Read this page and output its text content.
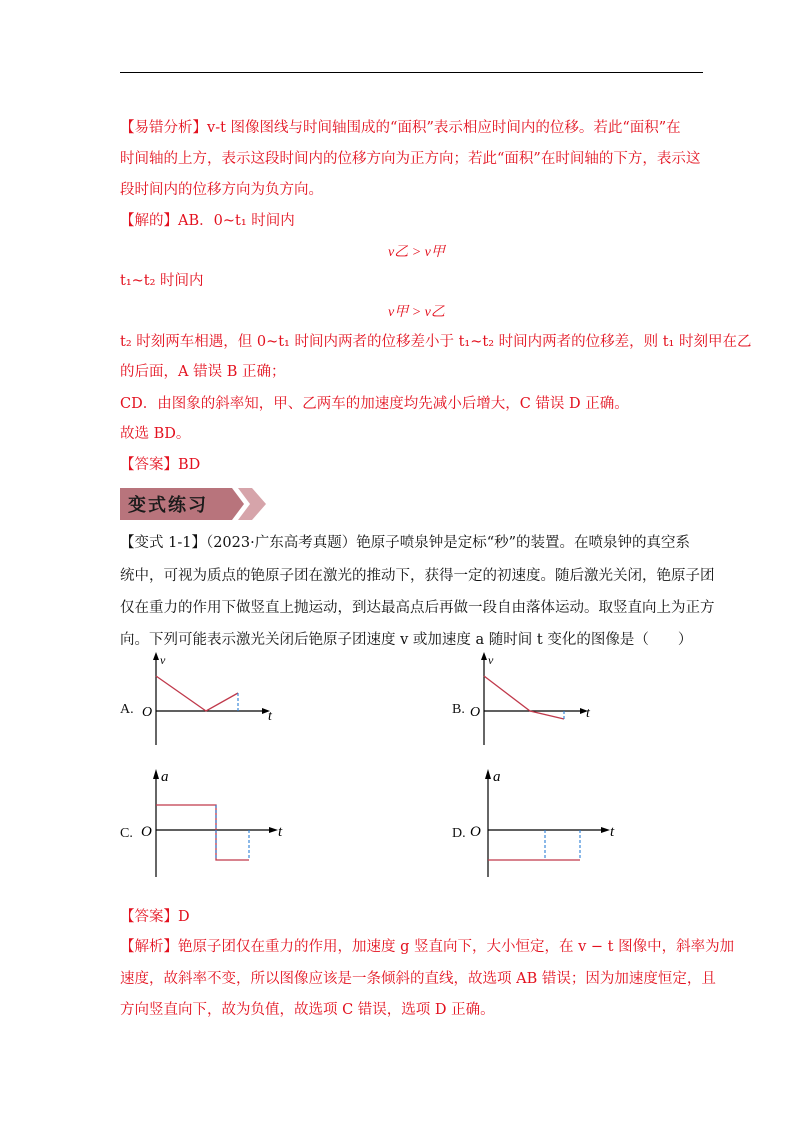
【易错分析】v-t 图像图线与时间轴围成的“面积”表示相应时间内的位移。若此“面积”在
时间轴的上方，表示这段时间内的位移方向为正方向；若此“面积”在时间轴的下方，表示这
段时间内的位移方向为负方向。
【解的】AB．0~t₁ 时间内
v乙 > v甲
t₁~t₂ 时间内
v甲 > v乙
t₂ 时刻两车相遇，但 0~t₁ 时间内两者的位移差小于 t₁~t₂ 时间内两者的位移差，则 t₁ 时刻甲在乙
的后面，A 错误 B 正确；
CD．由图象的斜率知，甲、乙两车的加速度均先减小后增大，C 错误 D 正确。
故选 BD。
【答案】BD
变式练习
【变式 1-1】（2023·广东高考真题）铯原子喷泉钟是定标“秒”的装置。在喷泉钟的真空系
统中，可视为质点的铯原子团在激光的推动下，获得一定的初速度。随后激光关闭，铯原子团
仅在重力的作用下做竖直上抛运动，到达最高点后再做一段自由落体运动。取竖直向上为正方
向。下列可能表示激光关闭后铯原子团速度 v 或加速度 a 随时间 t 变化的图像是（　　）
A.
v
O	t	B.
v
O	t
C.
a
O	t	D.
a
O	t
【答案】D
【解析】铯原子团仅在重力的作用，加速度 g 竖直向下，大小恒定，在 v − t 图像中，斜率为加
速度，故斜率不变，所以图像应该是一条倾斜的直线，故选项 AB 错误；因为加速度恒定，且
方向竖直向下，故为负值，故选项 C 错误，选项 D 正确。
